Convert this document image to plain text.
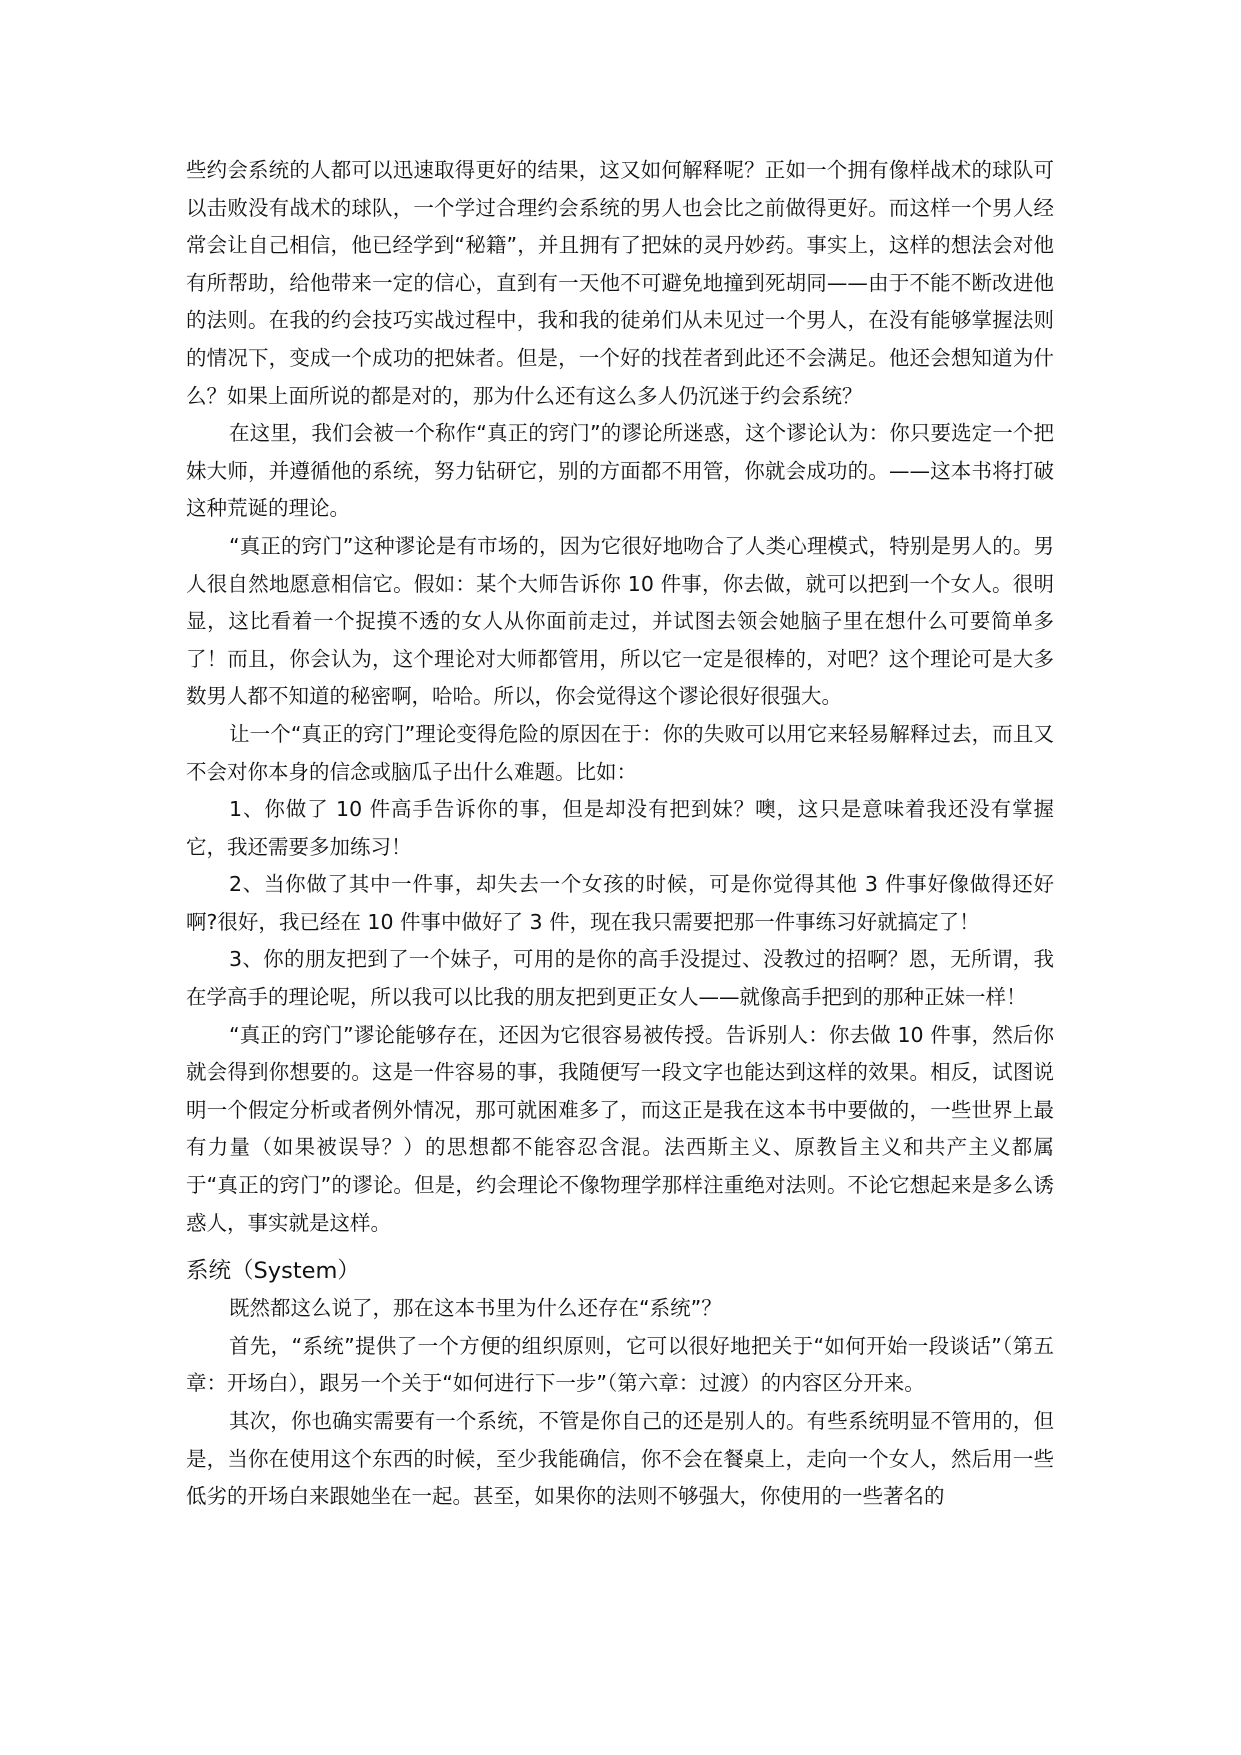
些约会系统的人都可以迅速取得更好的结果，这又如何解释呢？正如一个拥有像样战术的球队可以击败没有战术的球队，一个学过合理约会系统的男人也会比之前做得更好。而这样一个男人经常会让自己相信，他已经学到“秘籍”，并且拥有了把妹的灵丹妙药。事实上，这样的想法会对他有所帮助，给他带来一定的信心，直到有一天他不可避免地撞到死胡同——由于不能不断改进他的法则。在我的约会技巧实战过程中，我和我的徒弟们从未见过一个男人，在没有能够掌握法则的情况下，变成一个成功的把妹者。但是，一个好的找茬者到此还不会满足。他还会想知道为什么？如果上面所说的都是对的，那为什么还有这么多人仍沉迷于约会系统？

在这里，我们会被一个称作“真正的窍门”的谬论所迷惑，这个谬论认为：你只要选定一个把妹大师，并遵循他的系统，努力钻研它，别的方面都不用管，你就会成功的。——这本书将打破这种荒诞的理论。

“真正的窍门”这种谬论是有市场的，因为它很好地吻合了人类心理模式，特别是男人的。男人很自然地愿意相信它。假如：某个大师告诉你 10 件事，你去做，就可以把到一个女人。很明显，这比看着一个捉摸不透的女人从你面前走过，并试图去领会她脑子里在想什么可要简单多了！而且，你会认为，这个理论对大师都管用，所以它一定是很棒的，对吧？这个理论可是大多数男人都不知道的秘密啊，哈哈。所以，你会觉得这个谬论很好很强大。

让一个“真正的窍门”理论变得危险的原因在于：你的失败可以用它来轻易解释过去，而且又不会对你本身的信念或脑瓜子出什么难题。比如：

1、你做了 10 件高手告诉你的事，但是却没有把到妹？噢，这只是意味着我还没有掌握它，我还需要多加练习！

2、当你做了其中一件事，却失去一个女孩的时候，可是你觉得其他 3 件事好像做得还好啊?很好，我已经在 10 件事中做好了 3 件，现在我只需要把那一件事练习好就搞定了！

3、你的朋友把到了一个妹子，可用的是你的高手没提过、没教过的招啊？恩，无所谓，我在学高手的理论呢，所以我可以比我的朋友把到更正女人——就像高手把到的那种正妹一样！

“真正的窍门”谬论能够存在，还因为它很容易被传授。告诉别人：你去做 10 件事，然后你就会得到你想要的。这是一件容易的事，我随便写一段文字也能达到这样的效果。相反，试图说明一个假定分析或者例外情况，那可就困难多了，而这正是我在这本书中要做的，一些世界上最有力量（如果被误导？）的思想都不能容忍含混。法西斯主义、原教旨主义和共产主义都属于“真正的窍门”的谬论。但是，约会理论不像物理学那样注重绝对法则。不论它想起来是多么诱惑人，事实就是这样。

系统（System）

既然都这么说了，那在这本书里为什么还存在“系统”？

首先，“系统”提供了一个方便的组织原则，它可以很好地把关于“如何开始一段谈话”（第五章：开场白），跟另一个关于“如何进行下一步”（第六章：过渡）的内容区分开来。

其次，你也确实需要有一个系统，不管是你自己的还是别人的。有些系统明显不管用的，但是，当你在使用这个东西的时候，至少我能确信，你不会在餐桌上，走向一个女人，然后用一些低劣的开场白来跟她坐在一起。甚至，如果你的法则不够强大，你使用的一些著名的
